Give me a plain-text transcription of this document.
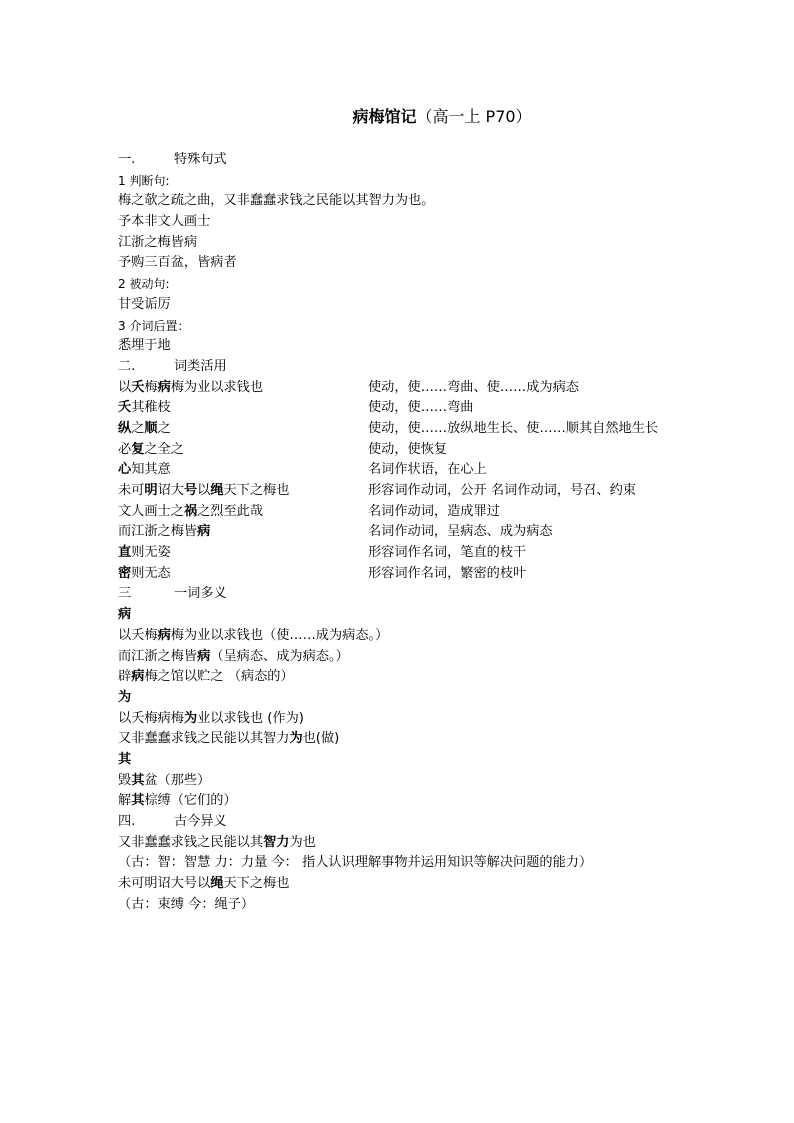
病梅馆记（高一上 P70）
一.	特殊句式
1 判断句:
梅之欹之疏之曲，又非蠢蠢求钱之民能以其智力为也。
予本非文人画士
江浙之梅皆病
予购三百盆，皆病者
2 被动句:
甘受诟厉
3 介词后置：
悉埋于地
二.	词类活用
以夭梅病梅为业以求钱也	使动，使……弯曲、使……成为病态
夭其稚枝	使动，使……弯曲
纵之顺之	使动，使……放纵地生长、使……顺其自然地生长
必复之全之	使动，使恢复
心知其意	名词作状语，在心上
未可明诏大号以绳天下之梅也	形容词作动词，公开 名词作动词，号召、约束
文人画士之祸之烈至此哉	名词作动词，造成罪过
而江浙之梅皆病	名词作动词，呈病态、成为病态
直则无姿	形容词作名词，笔直的枝干
密则无态	形容词作名词，繁密的枝叶
三	一词多义
病
以夭梅病梅为业以求钱也（使……成为病态。）
而江浙之梅皆病（呈病态、成为病态。）
辟病梅之馆以贮之 （病态的）
为
以夭梅病梅为业以求钱也 (作为)
又非蠢蠢求钱之民能以其智力为也(做)
其
毁其盆（那些）
解其棕缚（它们的）
四.	古今异义
又非蠢蠢求钱之民能以其智力为也
（古：智：智慧 力：力量 今： 指人认识理解事物并运用知识等解决问题的能力）
未可明诏大号以绳天下之梅也
（古：束缚 今：绳子）
